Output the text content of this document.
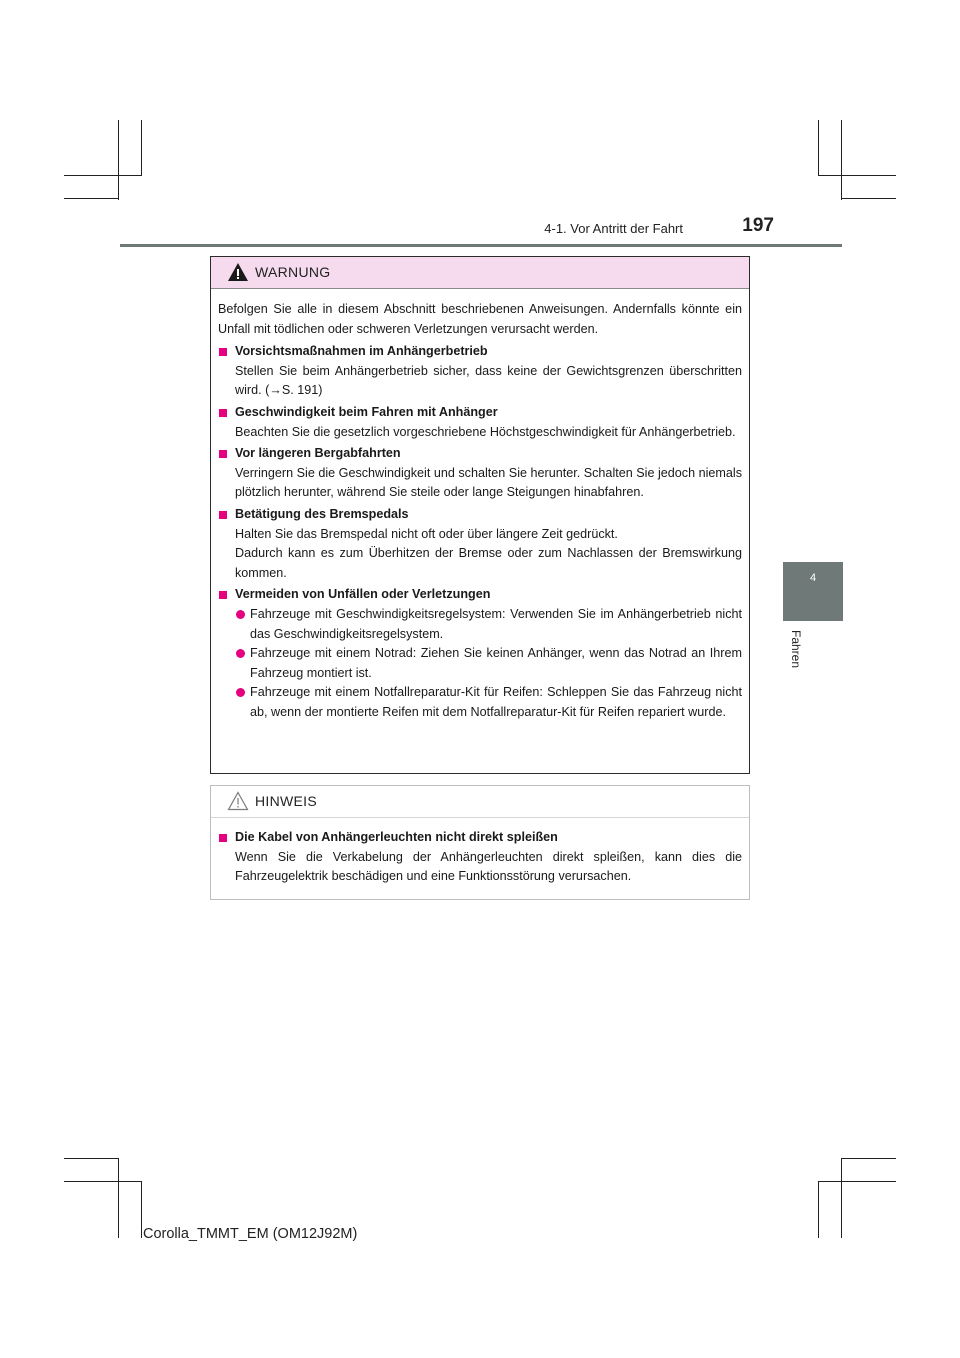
4-1. Vor Antritt der Fahrt	197
4
Fahren
WARNUNG

Befolgen Sie alle in diesem Abschnitt beschriebenen Anweisungen. Andernfalls könnte ein Unfall mit tödlichen oder schweren Verletzungen verursacht werden.

Vorsichtsmaßnahmen im Anhängerbetrieb

Stellen Sie beim Anhängerbetrieb sicher, dass keine der Gewichtsgrenzen überschritten wird. (→S. 191)

Geschwindigkeit beim Fahren mit Anhänger

Beachten Sie die gesetzlich vorgeschriebene Höchstgeschwindigkeit für Anhängerbetrieb.

Vor längeren Bergabfahrten

Verringern Sie die Geschwindigkeit und schalten Sie herunter. Schalten Sie jedoch niemals plötzlich herunter, während Sie steile oder lange Steigungen hinabfahren.

Betätigung des Bremspedals

Halten Sie das Bremspedal nicht oft oder über längere Zeit gedrückt.

Dadurch kann es zum Überhitzen der Bremse oder zum Nachlassen der Bremswirkung kommen.

Vermeiden von Unfällen oder Verletzungen

Fahrzeuge mit Geschwindigkeitsregelsystem: Verwenden Sie im Anhängerbetrieb nicht das Geschwindigkeitsregelsystem.

Fahrzeuge mit einem Notrad: Ziehen Sie keinen Anhänger, wenn das Notrad an Ihrem Fahrzeug montiert ist.

Fahrzeuge mit einem Notfallreparatur-Kit für Reifen: Schleppen Sie das Fahrzeug nicht ab, wenn der montierte Reifen mit dem Notfallreparatur-Kit für Reifen repariert wurde.

HINWEIS
Die Kabel von Anhängerleuchten nicht direkt spleißen

Wenn Sie die Verkabelung der Anhängerleuchten direkt spleißen, kann dies die Fahrzeugelektrik beschädigen und eine Funktionsstörung verursachen.

Corolla_TMMT_EM (OM12J92M)
